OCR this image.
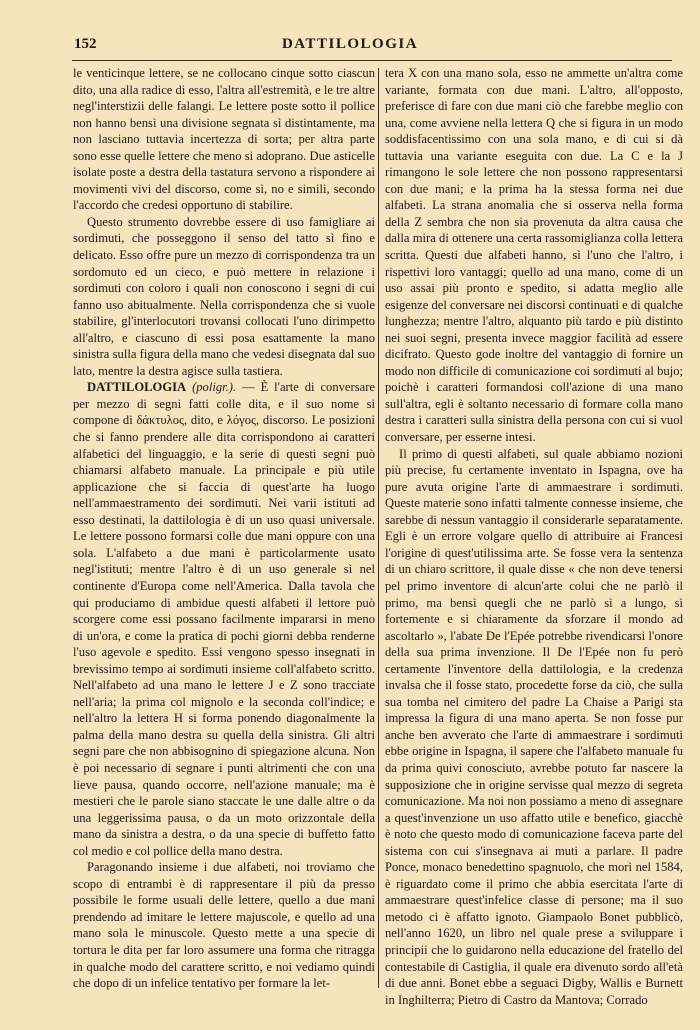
152	DATTILOLOGIA

le venticinque lettere, se ne collocano cinque sotto ciascun dito, una alla radice di esso, l'altra all'estremità, e le tre altre negl'interstizii delle falangi. Le lettere poste sotto il pollice non hanno bensì una divisione segnata sì distintamente, ma non lasciano tuttavia incertezza di sorta; per altra parte sono esse quelle lettere che meno si adoprano. Due asticelle isolate poste a destra della tastatura servono a rispondere ai movimenti vivi del discorso, come sì, no e simili, secondo l'accordo che credesi opportuno di stabilire.

Questo strumento dovrebbe essere di uso famigliare ai sordimuti, che posseggono il senso del tatto sì fino e delicato. Esso offre pure un mezzo di corrispondenza tra un sordomuto ed un cieco, e può mettere in relazione i sordimuti con coloro i quali non conoscono i segni di cui fanno uso abitualmente. Nella corrispondenza che si vuole stabilire, gl'interlocutori trovansi collocati l'uno dirimpetto all'altro, e ciascuno di essi posa esattamente la mano sinistra sulla figura della mano che vedesi disegnata dal suo lato, mentre la destra agisce sulla tastiera.

DATTILOLOGIA (poligr.). — È l'arte di conversare per mezzo di segni fatti colle dita, e il suo nome si compone di δάκτυλος, dito, e λόγος, discorso. Le posizioni che si fanno prendere alle dita corrispondono ai caratteri alfabetici del linguaggio, e la serie di questi segni può chiamarsi alfabeto manuale. La principale e più utile applicazione che si faccia di quest'arte ha luogo nell'ammaestramento dei sordimuti. Nei varii istituti ad esso destinati, la dattilologia è di un uso quasi universale. Le lettere possono formarsi colle due mani oppure con una sola. L'alfabeto a due mani è particolarmente usato negl'istituti; mentre l'altro è di un uso generale sì nel continente d'Europa come nell'America. Dalla tavola che qui produciamo di ambidue questi alfabeti il lettore può scorgere come essi possano facilmente impararsi in meno di un'ora, e come la pratica di pochi giorni debba renderne l'uso agevole e spedito. Essi vengono spesso insegnati in brevissimo tempo ai sordimuti insieme coll'alfabeto scritto. Nell'alfabeto ad una mano le lettere J e Z sono tracciate nell'aria; la prima col mignolo e la seconda coll'indice; e nell'altro la lettera H si forma ponendo diagonalmente la palma della mano destra su quella della sinistra. Gli altri segni pare che non abbisognino di spiegazione alcuna. Non è poi necessario di segnare i punti altrimenti che con una lieve pausa, quando occorre, nell'azione manuale; ma è mestieri che le parole siano staccate le une dalle altre o da una leggerissima pausa, o da un moto orizzontale della mano da sinistra a destra, o da una specie di buffetto fatto col medio e col pollice della mano destra.

Paragonando insieme i due alfabeti, noi troviamo che scopo di entrambi è di rappresentare il più da presso possibile le forme usuali delle lettere, quello a due mani prendendo ad imitare le lettere majuscole, e quello ad una mano sola le minuscole. Questo mette a una specie di tortura le dita per far loro assumere una forma che ritragga in qualche modo del carattere scritto, e noi vediamo quindi che dopo di un infelice tentativo per formare la let-

tera X con una mano sola, esso ne ammette un'altra come variante, formata con due mani. L'altro, all'opposto, preferisce di fare con due mani ciò che farebbe meglio con una, come avviene nella lettera Q che si figura in un modo soddisfacentissimo con una sola mano, e di cui si dà tuttavia una variante eseguita con due. La C e la J rimangono le sole lettere che non possono rappresentarsi con due mani; e la prima ha la stessa forma nei due alfabeti. La strana anomalia che si osserva nella forma della Z sembra che non sia provenuta da altra causa che dalla mira di ottenere una certa rassomiglianza colla lettera scritta. Questi due alfabeti hanno, sì l'uno che l'altro, i rispettivi loro vantaggi; quello ad una mano, come di un uso assai più pronto e spedito, si adatta meglio alle esigenze del conversare nei discorsi continuati e di qualche lunghezza; mentre l'altro, alquanto più tardo e più distinto nei suoi segni, presenta invece maggior facilità ad essere dicifrato. Questo gode inoltre del vantaggio di fornire un modo non difficile di comunicazione coi sordimuti al bujo; poichè i caratteri formandosi coll'azione di una mano sull'altra, egli è soltanto necessario di formare colla mano destra i caratteri sulla sinistra della persona con cui si vuol conversare, per esserne intesi.

Il primo di questi alfabeti, sul quale abbiamo nozioni più precise, fu certamente inventato in Ispagna, ove ha pure avuta origine l'arte di ammaestrare i sordimuti. Queste materie sono infatti talmente connesse insieme, che sarebbe di nessun vantaggio il considerarle separatamente. Egli è un errore volgare quello di attribuire ai Francesi l'origine di quest'utilissima arte. Se fosse vera la sentenza di un chiaro scrittore, il quale disse « che non deve tenersi pel primo inventore di alcun'arte colui che ne parlò il primo, ma bensì quegli che ne parlò sì a lungo, sì fortemente e sì chiaramente da sforzare il mondo ad ascoltarlo », l'abate De l'Epée potrebbe rivendicarsi l'onore della sua prima invenzione. Il De l'Epée non fu però certamente l'inventore della dattilologia, e la credenza invalsa che il fosse stato, procedette forse da ciò, che sulla sua tomba nel cimitero del padre La Chaise a Parigi sta impressa la figura di una mano aperta. Se non fosse pur anche ben avverato che l'arte di ammaestrare i sordimuti ebbe origine in Ispagna, il sapere che l'alfabeto manuale fu da prima quivi conosciuto, avrebbe potuto far nascere la supposizione che in origine servisse qual mezzo di segreta comunicazione. Ma noi non possiamo a meno di assegnare a quest'invenzione un uso affatto utile e benefico, giacchè è noto che questo modo di comunicazione faceva parte del sistema con cui s'insegnava ai muti a parlare. Il padre Ponce, monaco benedettino spagnuolo, che morì nel 1584, è riguardato come il primo che abbia esercitata l'arte di ammaestrare quest'infelice classe di persone; ma il suo metodo ci è affatto ignoto. Giampaolo Bonet pubblicò, nell'anno 1620, un libro nel quale prese a sviluppare i principii che lo guidarono nella educazione del fratello del contestabile di Castiglia, il quale era divenuto sordo all'età di due anni. Bonet ebbe a seguaci Digby, Wallis e Burnett in Inghilterra; Pietro di Castro da Mantova; Corrado
